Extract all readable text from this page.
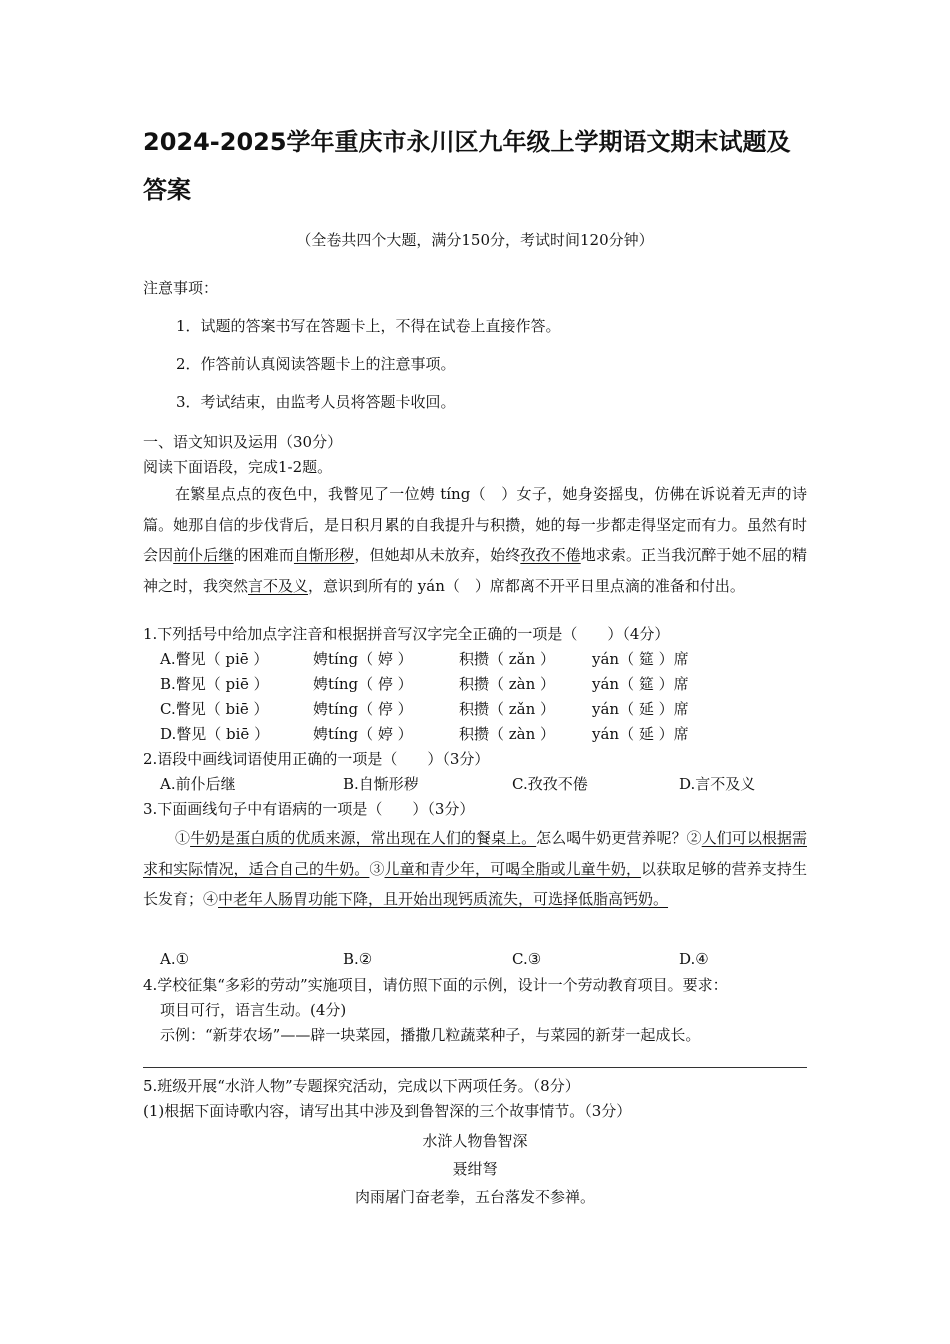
2024-2025学年重庆市永川区九年级上学期语文期末试题及
答案
（全卷共四个大题，满分150分，考试时间120分钟）
注意事项：
1．试题的答案书写在答题卡上，不得在试卷上直接作答。
2．作答前认真阅读答题卡上的注意事项。
3．考试结束，由监考人员将答题卡收回。
一、语文知识及运用（30分）
阅读下面语段，完成1-2题。
在繁星点点的夜色中，我瞥见了一位娉 tíng（　）女子，她身姿摇曳，仿佛在诉说着无声的诗篇。她那自信的步伐背后，是日积月累的自我提升与积攒，她的每一步都走得坚定而有力。虽然有时会因前仆后继的困难而自惭形秽，但她却从未放弃，始终孜孜不倦地求索。正当我沉醉于她不屈的精神之时，我突然言不及义，意识到所有的 yán（　）席都离不开平日里点滴的准备和付出。
1.下列括号中给加点字注音和根据拼音写汉字完全正确的一项是（　　）（4分）
A.瞥见（ piē ）	娉tíng（ 婷 ）	积攒（ zǎn ） yán（ 筵 ）席
B.瞥见（ piē ）	娉tíng（ 停 ）	积攒（ zàn ） yán（ 筵 ）席
C.瞥见（ biē ）	娉tíng（ 停 ）	积攒（ zǎn ） yán（ 延 ）席
D.瞥见（ biē ）	娉tíng（ 婷 ）	积攒（ zàn ） yán（ 延 ）席
2.语段中画线词语使用正确的一项是（　　）（3分）
A.前仆后继	B.自惭形秽	C.孜孜不倦	D.言不及义
3.下面画线句子中有语病的一项是（　　）（3分）
①牛奶是蛋白质的优质来源，常出现在人们的餐桌上。怎么喝牛奶更营养呢？②人们可以根据需求和实际情况，适合自己的牛奶。③儿童和青少年，可喝全脂或儿童牛奶，以获取足够的营养支持生长发育；④中老年人肠胃功能下降，且开始出现钙质流失，可选择低脂高钙奶。
A.①	B.②	C.③	D.④
4.学校征集“多彩的劳动”实施项目，请仿照下面的示例，设计一个劳动教育项目。要求：
项目可行，语言生动。(4分)
示例：“新芽农场”——辟一块菜园，播撒几粒蔬菜种子，与菜园的新芽一起成长。
5.班级开展“水浒人物”专题探究活动，完成以下两项任务。（8分）
(1)根据下面诗歌内容，请写出其中涉及到鲁智深的三个故事情节。（3分）
水浒人物鲁智深
聂绀弩
肉雨屠门奋老拳，五台落发不参禅。
